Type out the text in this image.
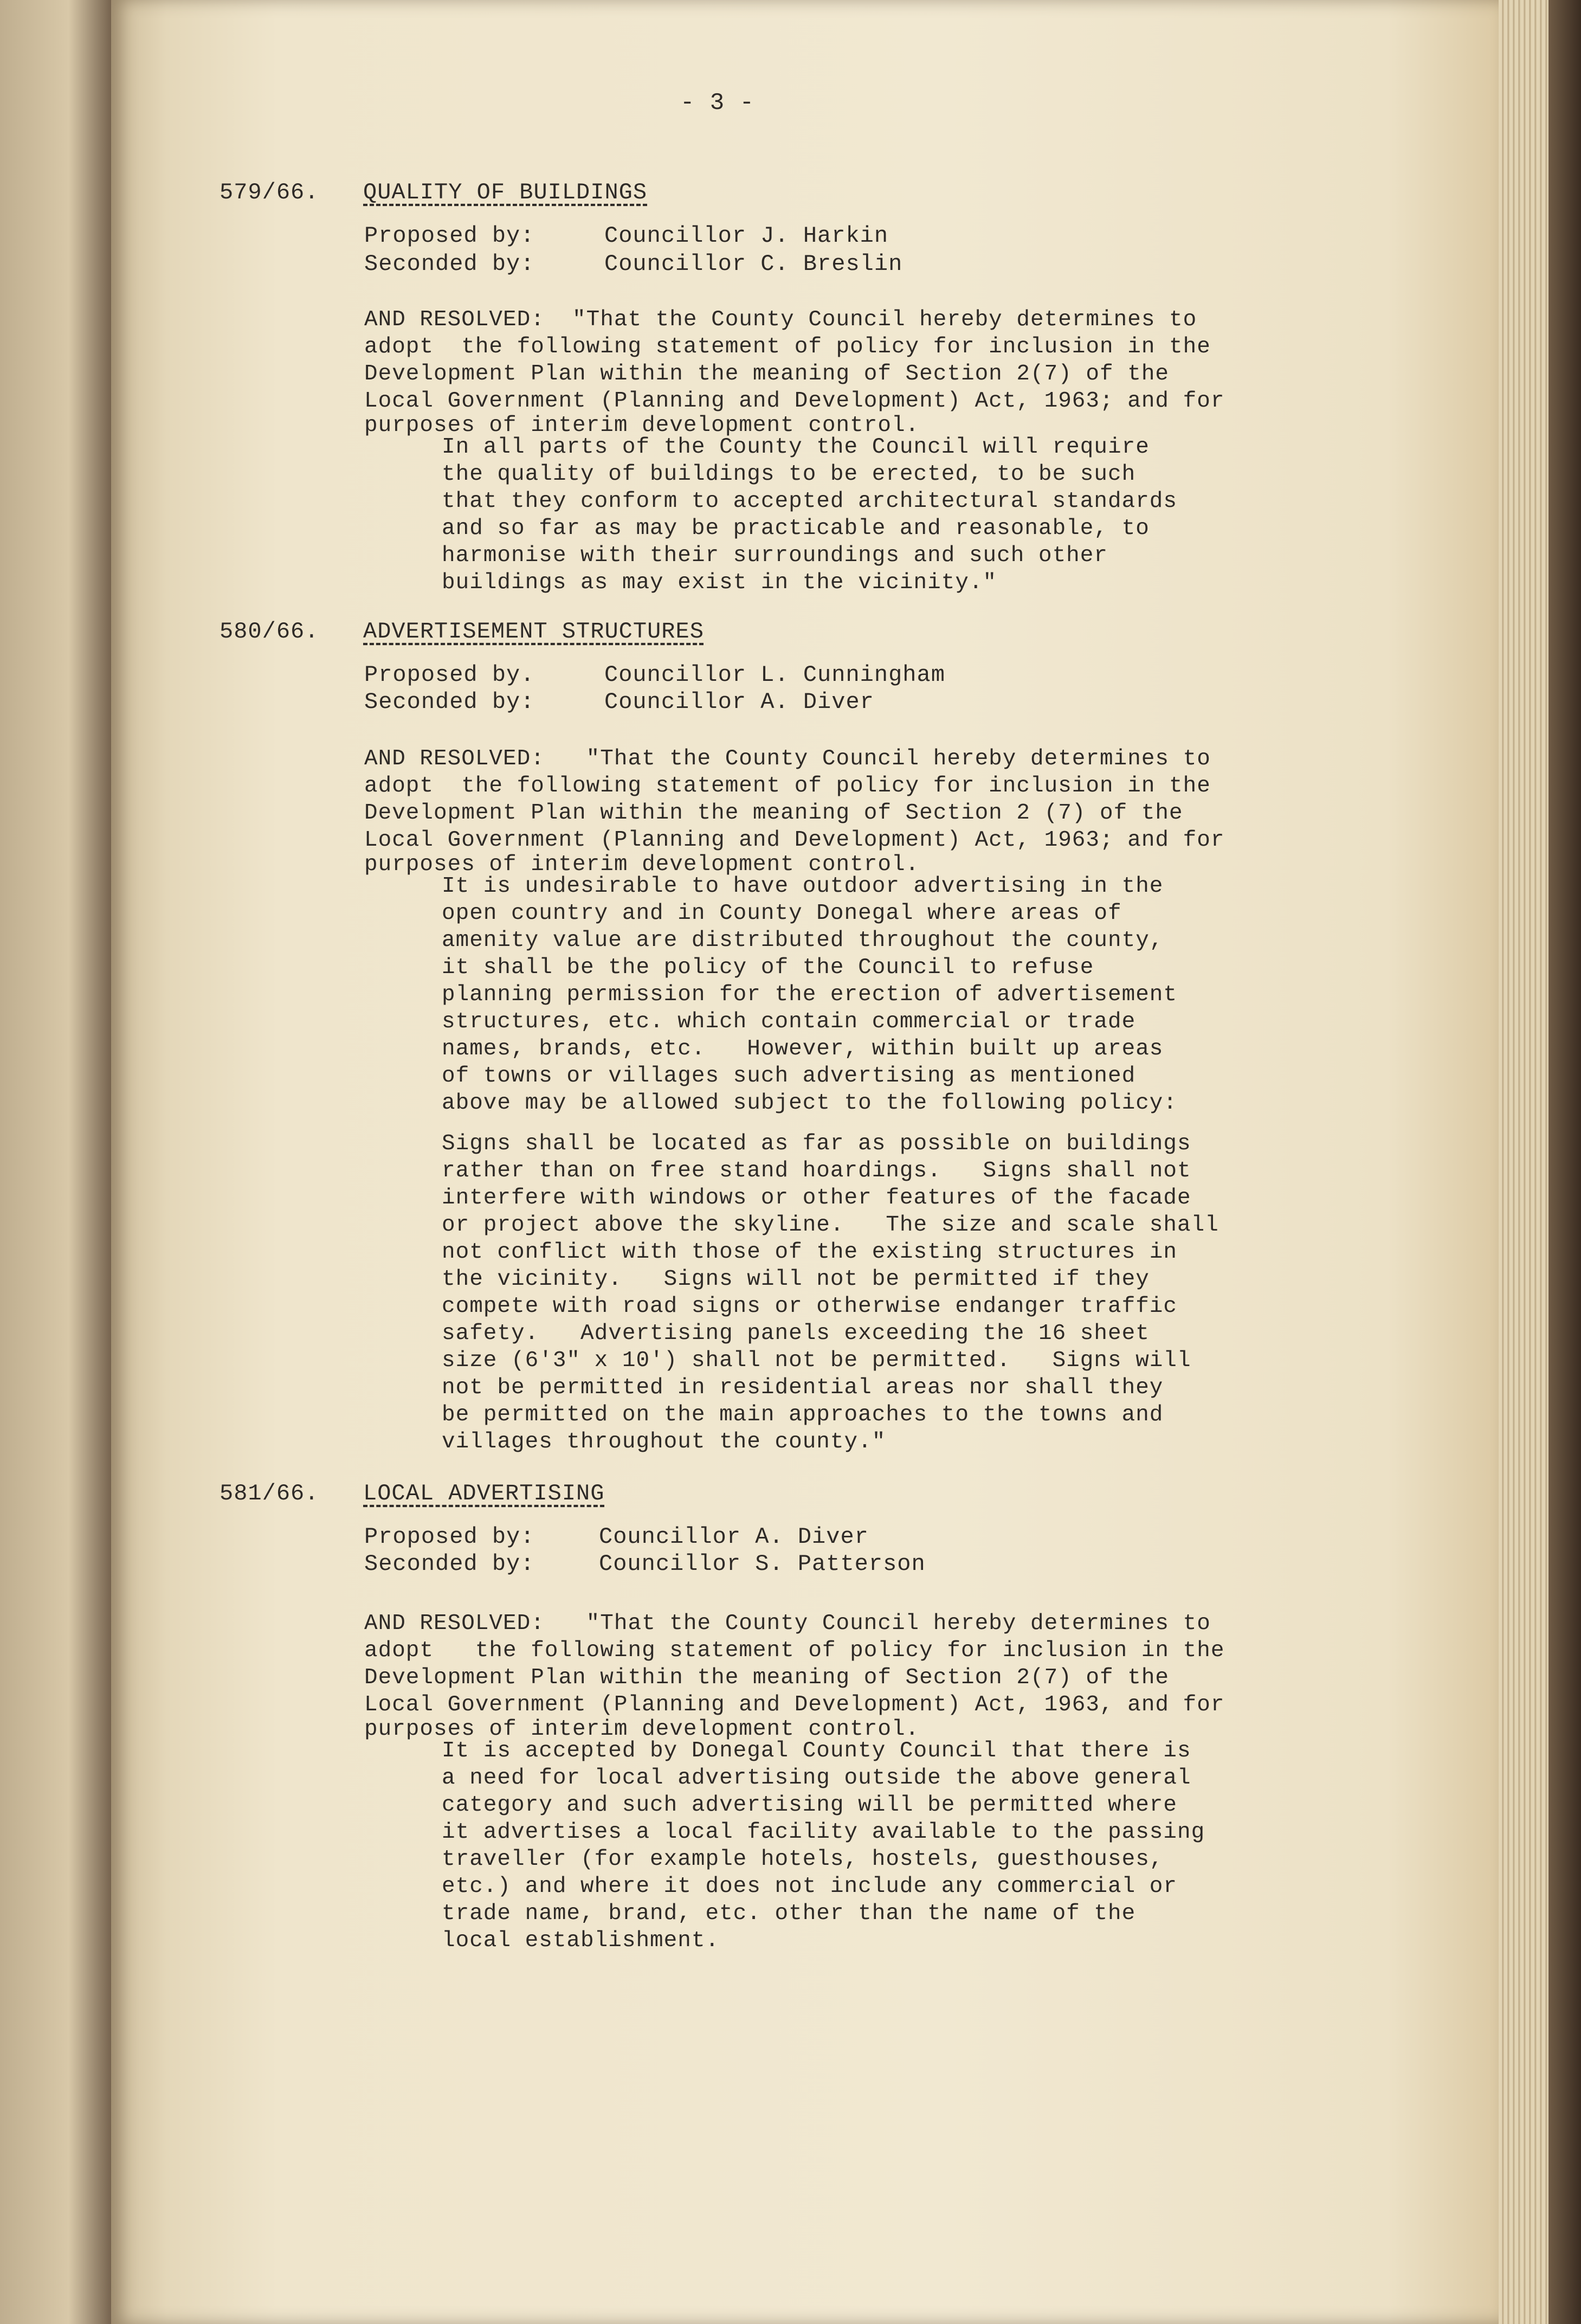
- 3 -
579/66. QUALITY OF BUILDINGS
Proposed by:	Councillor J. Harkin
Seconded by:	Councillor C. Breslin
AND RESOLVED:  "That the County Council hereby determines to
adopt  the following statement of policy for inclusion in the
Development Plan within the meaning of Section 2(7) of the
Local Government (Planning and Development) Act, 1963; and for
purposes of interim development control.
In all parts of the County the Council will require
the quality of buildings to be erected, to be such
that they conform to accepted architectural standards
and so far as may be practicable and reasonable, to
harmonise with their surroundings and such other
buildings as may exist in the vicinity."
580/66. ADVERTISEMENT STRUCTURES
Proposed by.	Councillor L. Cunningham
Seconded by:	Councillor A. Diver
AND RESOLVED:   "That the County Council hereby determines to
adopt  the following statement of policy for inclusion in the
Development Plan within the meaning of Section 2 (7) of the
Local Government (Planning and Development) Act, 1963; and for
purposes of interim development control.
It is undesirable to have outdoor advertising in the
open country and in County Donegal where areas of
amenity value are distributed throughout the county,
it shall be the policy of the Council to refuse
planning permission for the erection of advertisement
structures, etc. which contain commercial or trade
names, brands, etc.   However, within built up areas
of towns or villages such advertising as mentioned
above may be allowed subject to the following policy:
Signs shall be located as far as possible on buildings
rather than on free stand hoardings.   Signs shall not
interfere with windows or other features of the facade
or project above the skyline.   The size and scale shall
not conflict with those of the existing structures in
the vicinity.   Signs will not be permitted if they
compete with road signs or otherwise endanger traffic
safety.   Advertising panels exceeding the 16 sheet
size (6'3" x 10') shall not be permitted.   Signs will
not be permitted in residential areas nor shall they
be permitted on the main approaches to the towns and
villages throughout the county."
581/66. LOCAL ADVERTISING
Proposed by:	Councillor A. Diver
Seconded by:	Councillor S. Patterson
AND RESOLVED:   "That the County Council hereby determines to
adopt   the following statement of policy for inclusion in the
Development Plan within the meaning of Section 2(7) of the
Local Government (Planning and Development) Act, 1963, and for
purposes of interim development control.
It is accepted by Donegal County Council that there is
a need for local advertising outside the above general
category and such advertising will be permitted where
it advertises a local facility available to the passing
traveller (for example hotels, hostels, guesthouses,
etc.) and where it does not include any commercial or
trade name, brand, etc. other than the name of the
local establishment.
